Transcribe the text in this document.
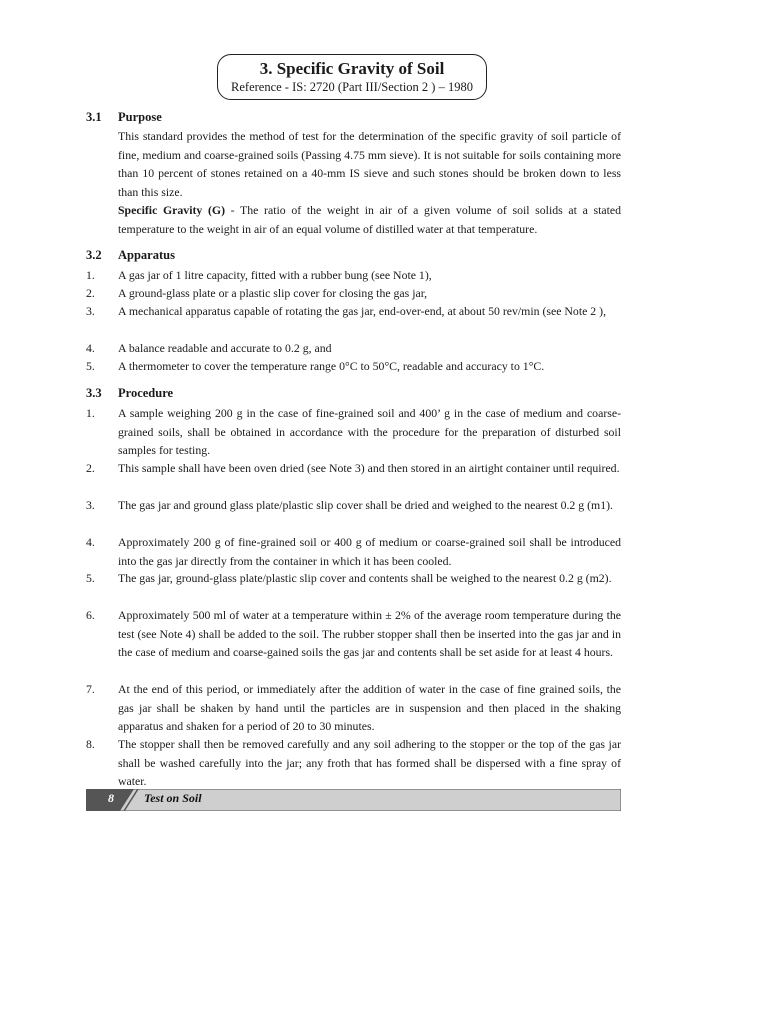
3. Specific Gravity of Soil
Reference - IS: 2720 (Part III/Section 2 ) – 1980
3.1 Purpose

This standard provides the method of test for the determination of the specific gravity of soil particle of fine, medium and coarse-grained soils (Passing 4.75 mm sieve). It is not suitable for soils containing more than 10 percent of stones retained on a 40-mm IS sieve and such stones should be broken down to less than this size.

Specific Gravity (G) - The ratio of the weight in air of a given volume of soil solids at a stated temperature to the weight in air of an equal volume of distilled water at that temperature.

3.2 Apparatus
1. A gas jar of 1 litre capacity, fitted with a rubber bung (see Note 1),

2. A ground-glass plate or a plastic slip cover for closing the gas jar,

3. A mechanical apparatus capable of rotating the gas jar, end-over-end, at about 50 rev/min (see Note 2 ),

4. A balance readable and accurate to 0.2 g, and

5. A thermometer to cover the temperature range 0°C to 50°C, readable and accuracy to 1°C.

3.3 Procedure
1. A sample weighing 200 g in the case of fine-grained soil and 400’ g in the case of medium and coarse-grained soils, shall be obtained in accordance with the procedure for the preparation of disturbed soil samples for testing.

2. This sample shall have been oven dried (see Note 3) and then stored in an airtight container until required.

3. The gas jar and ground glass plate/plastic slip cover shall be dried and weighed to the nearest 0.2 g (m1).

4. Approximately 200 g of fine-grained soil or 400 g of medium or coarse-grained soil shall be introduced into the gas jar directly from the container in which it has been cooled.

5. The gas jar, ground-glass plate/plastic slip cover and contents shall be weighed to the nearest 0.2 g (m2).

6. Approximately 500 ml of water at a temperature within ± 2% of the average room temperature during the test (see Note 4) shall be added to the soil. The rubber stopper shall then be inserted into the gas jar and in the case of medium and coarse-gained soils the gas jar and contents shall be set aside for at least 4 hours.

7. At the end of this period, or immediately after the addition of water in the case of fine grained soils, the gas jar shall be shaken by hand until the particles are in suspension and then placed in the shaking apparatus and shaken for a period of 20 to 30 minutes.

8. The stopper shall then be removed carefully and any soil adhering to the stopper or the top of the gas jar shall be washed carefully into the jar; any froth that has formed shall be dispersed with a fine spray of water.

8	Test on Soil
